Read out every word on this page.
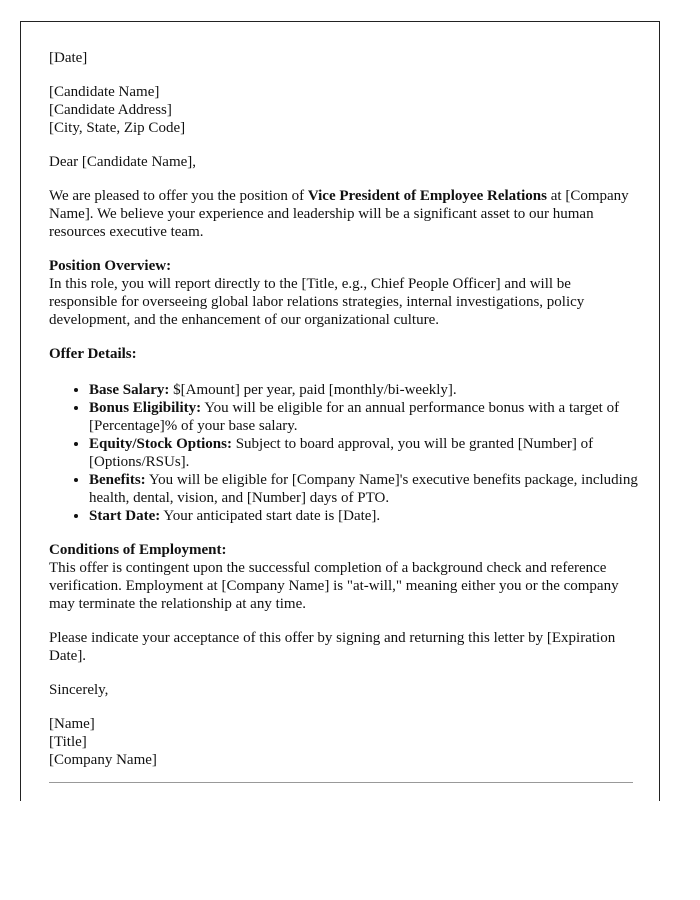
[Date]

[Candidate Name]
[Candidate Address]
[City, State, Zip Code]

Dear [Candidate Name],

We are pleased to offer you the position of Vice President of Employee Relations at [Company Name]. We believe your experience and leadership will be a significant asset to our human resources executive team.

Position Overview:

In this role, you will report directly to the [Title, e.g., Chief People Officer] and will be responsible for overseeing global labor relations strategies, internal investigations, policy development, and the enhancement of our organizational culture.

Offer Details:
• Base Salary: $[Amount] per year, paid [monthly/bi-weekly].
• Bonus Eligibility: You will be eligible for an annual performance bonus with a target of [Percentage]% of your base salary.
• Equity/Stock Options: Subject to board approval, you will be granted [Number] of [Options/RSUs].
• Benefits: You will be eligible for [Company Name]'s executive benefits package, including health, dental, vision, and [Number] days of PTO.
• Start Date: Your anticipated start date is [Date].
Conditions of Employment:

This offer is contingent upon the successful completion of a background check and reference verification. Employment at [Company Name] is "at-will," meaning either you or the company may terminate the relationship at any time.

Please indicate your acceptance of this offer by signing and returning this letter by [Expiration Date].

Sincerely,

[Name]
[Title]
[Company Name]
